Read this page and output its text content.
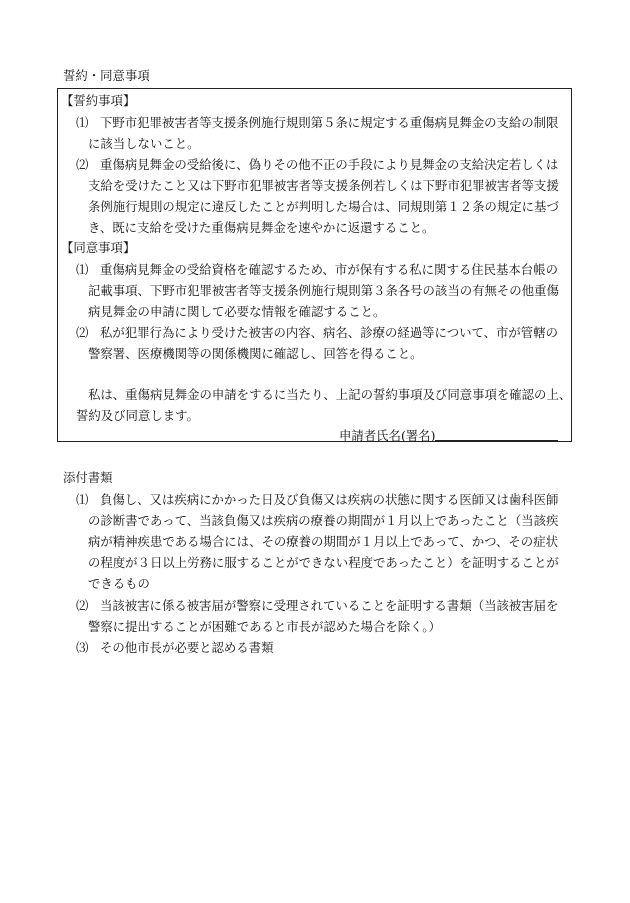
誓約・同意事項
【誓約事項】
⑴ 下野市犯罪被害者等支援条例施行規則第５条に規定する重傷病見舞金の支給の制限
に該当しないこと。
⑵ 重傷病見舞金の受給後に、偽りその他不正の手段により見舞金の支給決定若しくは
支給を受けたこと又は下野市犯罪被害者等支援条例若しくは下野市犯罪被害者等支援
条例施行規則の規定に違反したことが判明した場合は、同規則第１２条の規定に基づ
き、既に支給を受けた重傷病見舞金を速やかに返還すること。
【同意事項】
⑴ 重傷病見舞金の受給資格を確認するため、市が保有する私に関する住民基本台帳の
記載事項、下野市犯罪被害者等支援条例施行規則第３条各号の該当の有無その他重傷
病見舞金の申請に関して必要な情報を確認すること。
⑵ 私が犯罪行為により受けた被害の内容、病名、診療の経過等について、市が管轄の
警察署、医療機関等の関係機関に確認し、回答を得ること。
私は、重傷病見舞金の申請をするに当たり、上記の誓約事項及び同意事項を確認の上、
誓約及び同意します。
申請者氏名(署名)
添付書類
⑴ 負傷し、又は疾病にかかった日及び負傷又は疾病の状態に関する医師又は歯科医師
の診断書であって、当該負傷又は疾病の療養の期間が１月以上であったこと（当該疾
病が精神疾患である場合には、その療養の期間が１月以上であって、かつ、その症状
の程度が３日以上労務に服することができない程度であったこと）を証明することが
できるもの
⑵ 当該被害に係る被害届が警察に受理されていることを証明する書類（当該被害届を
警察に提出することが困難であると市長が認めた場合を除く。）
⑶ その他市長が必要と認める書類
